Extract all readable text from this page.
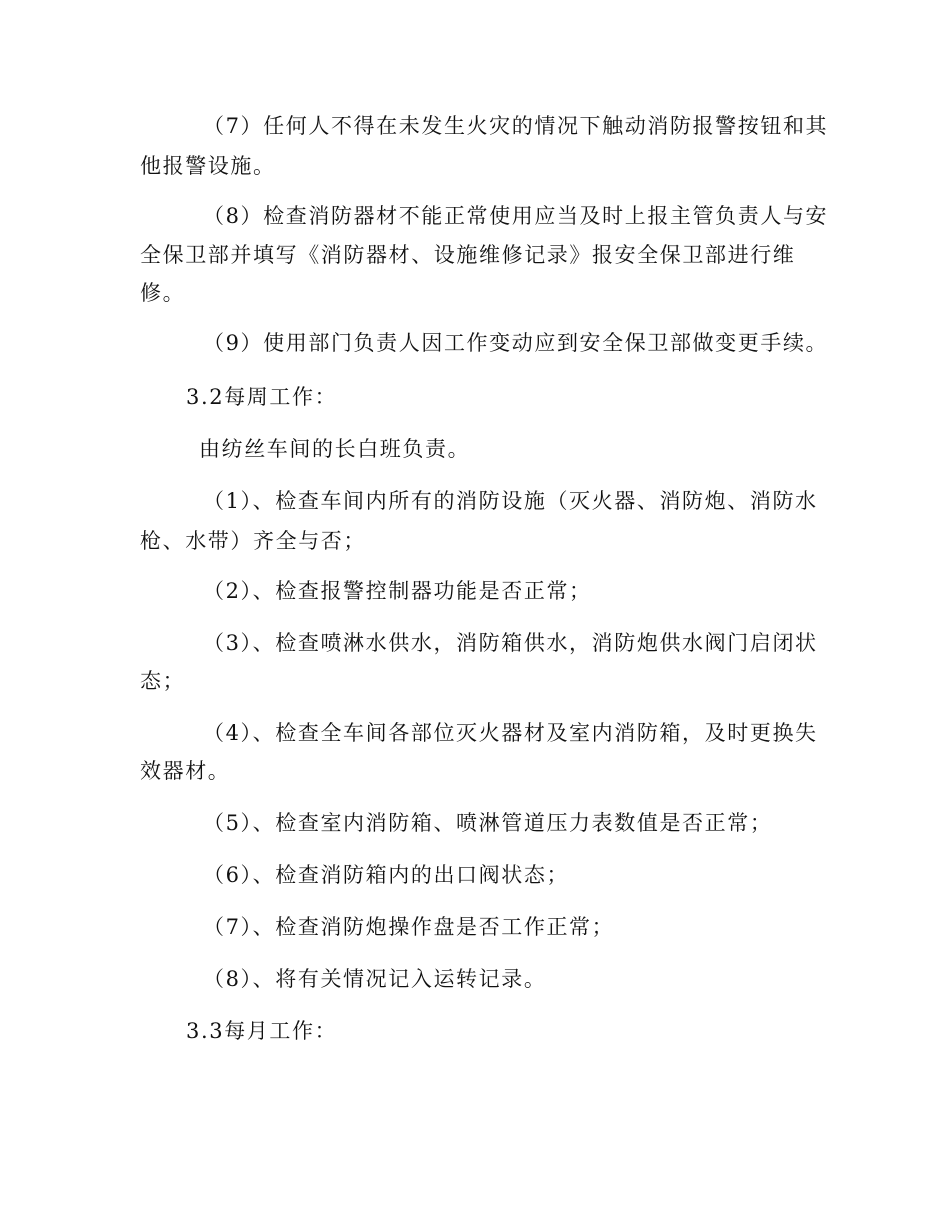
（7）任何人不得在未发生火灾的情况下触动消防报警按钮和其
他报警设施。
（8）检查消防器材不能正常使用应当及时上报主管负责人与安
全保卫部并填写《消防器材、设施维修记录》报安全保卫部进行维
修。
（9）使用部门负责人因工作变动应到安全保卫部做变更手续。
3.2每周工作：
由纺丝车间的长白班负责。
（1）、检查车间内所有的消防设施（灭火器、消防炮、消防水
枪、水带）齐全与否；
（2）、检查报警控制器功能是否正常；
（3）、检查喷淋水供水，消防箱供水，消防炮供水阀门启闭状
态；
（4）、检查全车间各部位灭火器材及室内消防箱，及时更换失
效器材。
（5）、检查室内消防箱、喷淋管道压力表数值是否正常；
（6）、检查消防箱内的出口阀状态；
（7）、检查消防炮操作盘是否工作正常；
（8）、将有关情况记入运转记录。
3.3每月工作：
